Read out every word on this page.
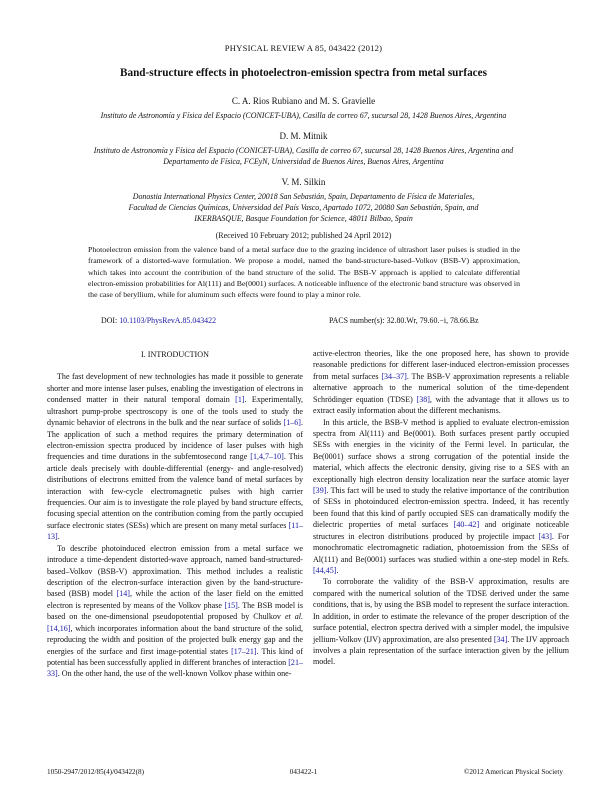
PHYSICAL REVIEW A 85, 043422 (2012)
Band-structure effects in photoelectron-emission spectra from metal surfaces
C. A. Rios Rubiano and M. S. Gravielle
Instituto de Astronomía y Física del Espacio (CONICET-UBA), Casilla de correo 67, sucursal 28, 1428 Buenos Aires, Argentina
D. M. Mitnik
Instituto de Astronomía y Física del Espacio (CONICET-UBA), Casilla de correo 67, sucursal 28, 1428 Buenos Aires, Argentina and
Departamento de Física, FCEyN, Universidad de Buenos Aires, Buenos Aires, Argentina
V. M. Silkin
Donostia International Physics Center, 20018 San Sebastián, Spain, Departamento de Física de Materiales,
Facultad de Ciencias Químicas, Universidad del País Vasco, Apartado 1072, 20080 San Sebastián, Spain, and
IKERBASQUE, Basque Foundation for Science, 48011 Bilbao, Spain
(Received 10 February 2012; published 24 April 2012)
Photoelectron emission from the valence band of a metal surface due to the grazing incidence of ultrashort laser pulses is studied in the framework of a distorted-wave formulation. We propose a model, named the band-structure-based–Volkov (BSB-V) approximation, which takes into account the contribution of the band structure of the solid. The BSB-V approach is applied to calculate differential electron-emission probabilities for Al(111) and Be(0001) surfaces. A noticeable influence of the electronic band structure was observed in the case of beryllium, while for aluminum such effects were found to play a minor role.
DOI: 10.1103/PhysRevA.85.043422	PACS number(s): 32.80.Wr, 79.60.−i, 78.66.Bz
I. INTRODUCTION

The fast development of new technologies has made it possible to generate shorter and more intense laser pulses, enabling the investigation of electrons in condensed matter in their natural temporal domain [1]. Experimentally, ultrashort pump-probe spectroscopy is one of the tools used to study the dynamic behavior of electrons in the bulk and the near surface of solids [1–6]. The application of such a method requires the primary determination of electron-emission spectra produced by incidence of laser pulses with high frequencies and time durations in the subfemtosecond range [1,4,7–10]. This article deals precisely with double-differential (energy- and angle-resolved) distributions of electrons emitted from the valence band of metal surfaces by interaction with few-cycle electromagnetic pulses with high carrier frequencies. Our aim is to investigate the role played by band structure effects, focusing special attention on the contribution coming from the partly occupied surface electronic states (SESs) which are present on many metal surfaces [11–13].

To describe photoinduced electron emission from a metal surface we introduce a time-dependent distorted-wave approach, named band-structured-based–Volkov (BSB-V) approximation. This method includes a realistic description of the electron-surface interaction given by the band-structure-based (BSB) model [14], while the action of the laser field on the emitted electron is represented by means of the Volkov phase [15]. The BSB model is based on the one-dimensional pseudopotential proposed by Chulkov et al. [14,16], which incorporates information about the band structure of the solid, reproducing the width and position of the projected bulk energy gap and the energies of the surface and first image-potential states [17–21]. This kind of potential has been successfully applied in different branches of interaction [21–33]. On the other hand, the use of the well-known Volkov phase within one-

active-electron theories, like the one proposed here, has shown to provide reasonable predictions for different laser-induced electron-emission processes from metal surfaces [34–37]. The BSB-V approximation represents a reliable alternative approach to the numerical solution of the time-dependent Schrödinger equation (TDSE) [38], with the advantage that it allows us to extract easily information about the different mechanisms.

In this article, the BSB-V method is applied to evaluate electron-emission spectra from Al(111) and Be(0001). Both surfaces present partly occupied SESs with energies in the vicinity of the Fermi level. In particular, the Be(0001) surface shows a strong corrugation of the potential inside the material, which affects the electronic density, giving rise to a SES with an exceptionally high electron density localization near the surface atomic layer [39]. This fact will be used to study the relative importance of the contribution of SESs in photoinduced electron-emission spectra. Indeed, it has recently been found that this kind of partly occupied SES can dramatically modify the dielectric properties of metal surfaces [40–42] and originate noticeable structures in electron distributions produced by projectile impact [43]. For monochromatic electromagnetic radiation, photoemission from the SESs of Al(111) and Be(0001) surfaces was studied within a one-step model in Refs. [44,45].

To corroborate the validity of the BSB-V approximation, results are compared with the numerical solution of the TDSE derived under the same conditions, that is, by using the BSB model to represent the surface interaction. In addition, in order to estimate the relevance of the proper description of the surface potential, electron spectra derived with a simpler model, the impulsive jellium-Volkov (IJV) approximation, are also presented [34]. The IJV approach involves a plain representation of the surface interaction given by the jellium model.

1050-2947/2012/85(4)/043422(8)	043422-1	©2012 American Physical Society
